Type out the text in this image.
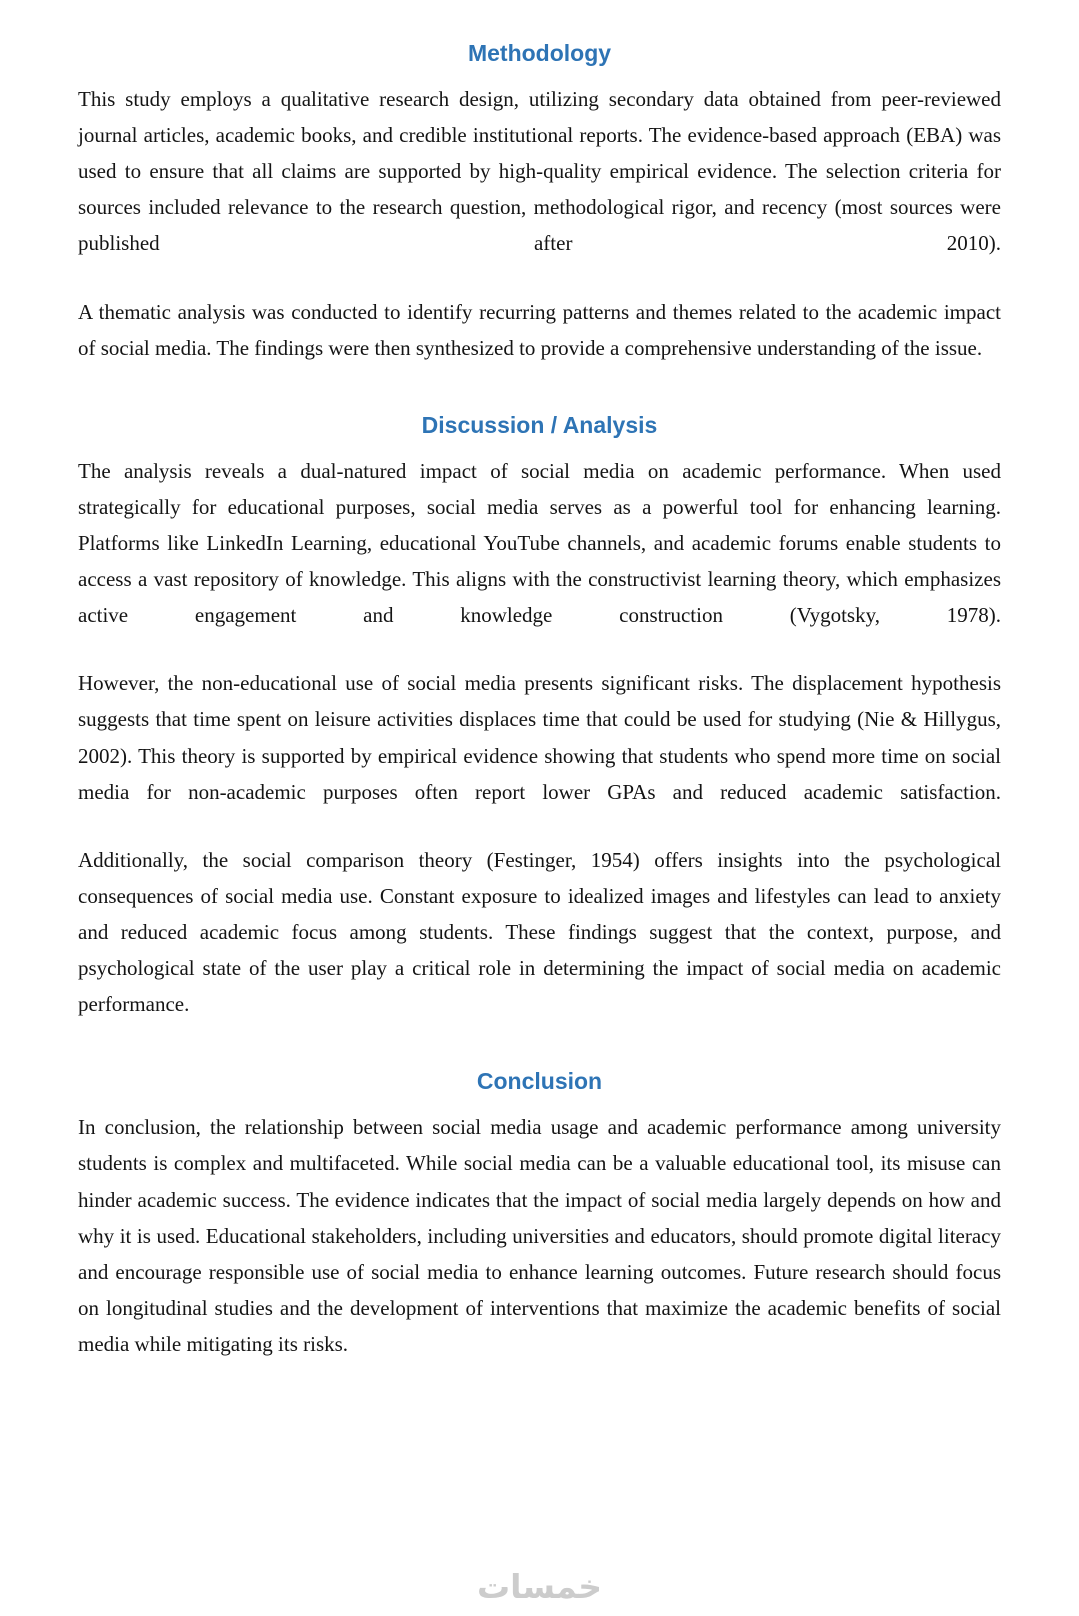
Methodology

This study employs a qualitative research design, utilizing secondary data obtained from peer-reviewed journal articles, academic books, and credible institutional reports. The evidence-based approach (EBA) was used to ensure that all claims are supported by high-quality empirical evidence. The selection criteria for sources included relevance to the research question, methodological rigor, and recency (most sources were published after 2010).

A thematic analysis was conducted to identify recurring patterns and themes related to the academic impact of social media. The findings were then synthesized to provide a comprehensive understanding of the issue.

Discussion / Analysis

The analysis reveals a dual-natured impact of social media on academic performance. When used strategically for educational purposes, social media serves as a powerful tool for enhancing learning. Platforms like LinkedIn Learning, educational YouTube channels, and academic forums enable students to access a vast repository of knowledge. This aligns with the constructivist learning theory, which emphasizes active engagement and knowledge construction (Vygotsky, 1978).

However, the non-educational use of social media presents significant risks. The displacement hypothesis suggests that time spent on leisure activities displaces time that could be used for studying (Nie & Hillygus, 2002). This theory is supported by empirical evidence showing that students who spend more time on social media for non-academic purposes often report lower GPAs and reduced academic satisfaction.

Additionally, the social comparison theory (Festinger, 1954) offers insights into the psychological consequences of social media use. Constant exposure to idealized images and lifestyles can lead to anxiety and reduced academic focus among students. These findings suggest that the context, purpose, and psychological state of the user play a critical role in determining the impact of social media on academic performance.

Conclusion

In conclusion, the relationship between social media usage and academic performance among university students is complex and multifaceted. While social media can be a valuable educational tool, its misuse can hinder academic success. The evidence indicates that the impact of social media largely depends on how and why it is used. Educational stakeholders, including universities and educators, should promote digital literacy and encourage responsible use of social media to enhance learning outcomes. Future research should focus on longitudinal studies and the development of interventions that maximize the academic benefits of social media while mitigating its risks.

خمسات
